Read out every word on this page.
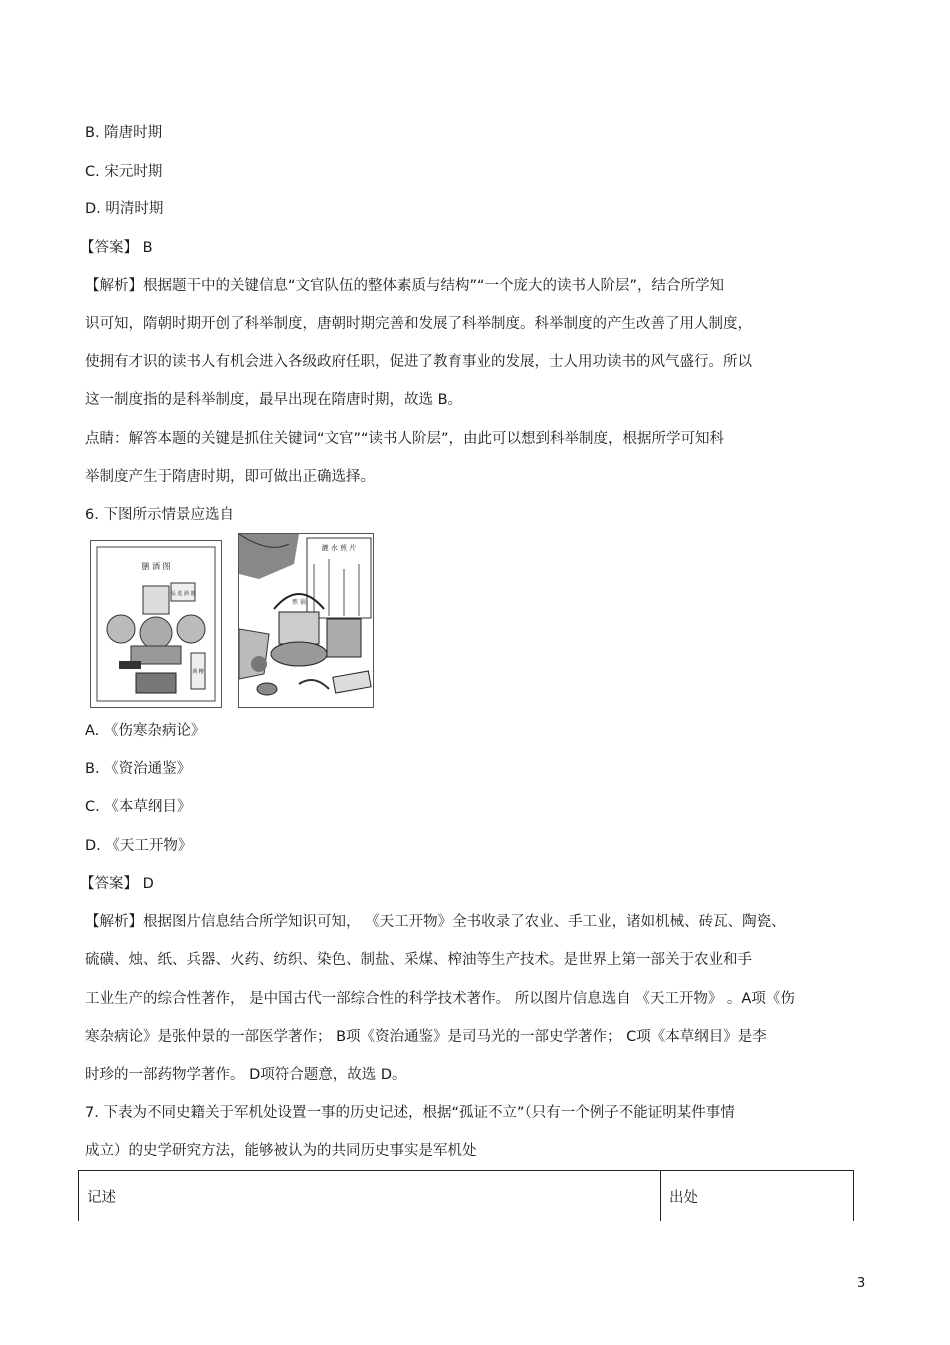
B. 隋唐时期
C. 宋元时期
D. 明清时期
【答案】 B
【解析】根据题干中的关键信息“文官队伍的整体素质与结构”“一个庞大的读书人阶层”，结合所学知
识可知，隋朝时期开创了科举制度，唐朝时期完善和发展了科举制度。科举制度的产生改善了用人制度，
使拥有才识的读书人有机会进入各级政府任职，促进了教育事业的发展，士人用功读书的风气盛行。所以
这一制度指的是科举制度，最早出现在隋唐时期，故选 B。
点睛：解答本题的关键是抓住关键词“文官”“读书人阶层”，由此可以想到科举制度，根据所学可知科
举制度产生于隋唐时期，即可做出正确选择。
6. 下图所示情景应选自
膳 酒 图
品 选 酒 器
酒 糟
漉 水 煎 片
煎 锅
A. 《伤寒杂病论》
B. 《资治通鉴》
C. 《本草纲目》
D. 《天工开物》
【答案】 D
【解析】根据图片信息结合所学知识可知， 《天工开物》全书收录了农业、手工业，诸如机械、砖瓦、陶瓷、
硫磺、烛、纸、兵器、火药、纺织、染色、制盐、采煤、榨油等生产技术。是世界上第一部关于农业和手
工业生产的综合性著作， 是中国古代一部综合性的科学技术著作。 所以图片信息选自 《天工开物》 。A项《伤
寒杂病论》是张仲景的一部医学著作； B项《资治通鉴》是司马光的一部史学著作； C项《本草纲目》是李
时珍的一部药物学著作。 D项符合题意，故选 D。
7. 下表为不同史籍关于军机处设置一事的历史记述，根据“孤证不立”（只有一个例子不能证明某件事情
成立）的史学研究方法，能够被认为的共同历史事实是军机处
记述	出处
3
